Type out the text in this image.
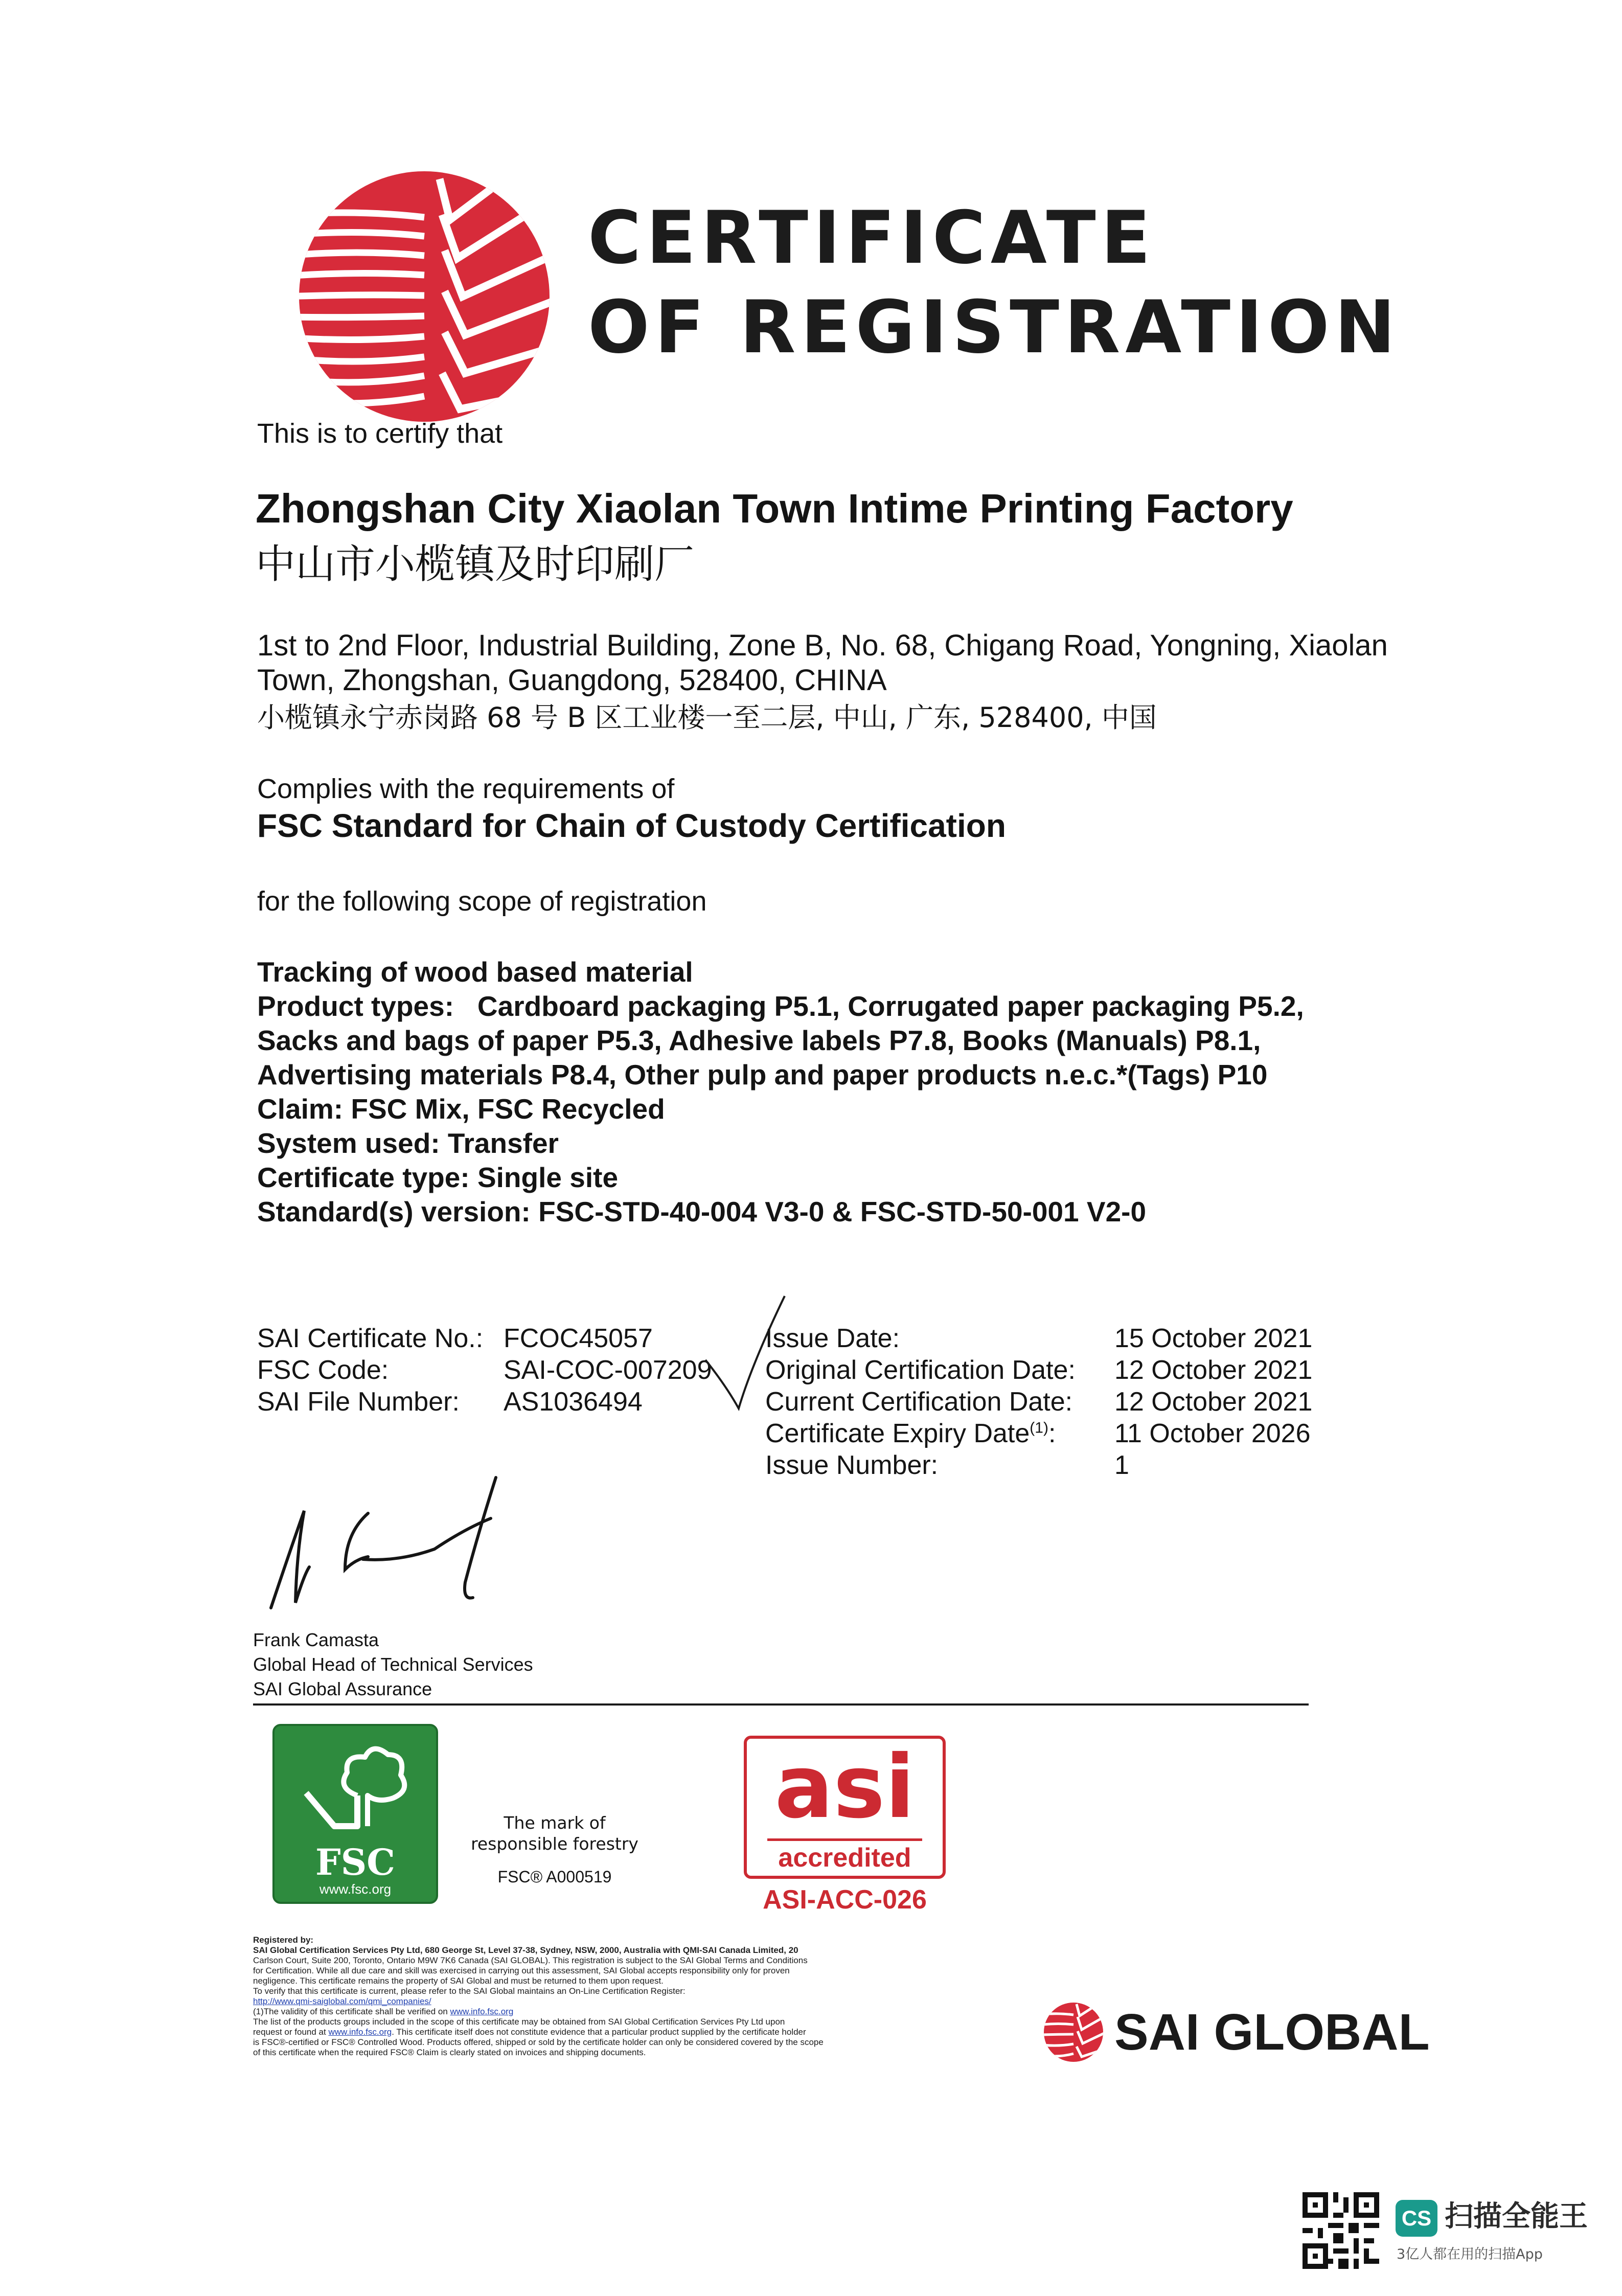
CERTIFICATE
OF REGISTRATION
This is to certify that
Zhongshan City Xiaolan Town Intime Printing Factory
中山市小榄镇及时印刷厂
1st to 2nd Floor, Industrial Building, Zone B, No. 68, Chigang Road, Yongning, Xiaolan
Town, Zhongshan, Guangdong, 528400, CHINA
小榄镇永宁赤岗路 68 号 B 区工业楼一至二层, 中山, 广东, 528400, 中国
Complies with the requirements of
FSC Standard for Chain of Custody Certification
for the following scope of registration
Tracking of wood based material
Product types:   Cardboard packaging P5.1, Corrugated paper packaging P5.2,
Sacks and bags of paper P5.3, Adhesive labels P7.8, Books (Manuals) P8.1,
Advertising materials P8.4, Other pulp and paper products n.e.c.*(Tags) P10
Claim: FSC Mix, FSC Recycled
System used: Transfer
Certificate type: Single site
Standard(s) version: FSC-STD-40-004 V3-0 & FSC-STD-50-001 V2-0
SAI Certificate No.: FCOC45057
FSC Code:	SAI-COC-007209
SAI File Number: AS1036494
Issue Date:	15 October 2021
Original Certification Date: 12 October 2021
Current Certification Date: 12 October 2021
Certificate Expiry Date$^{(1)}$: 11 October 2026
Issue Number:	1
Frank Camasta
Global Head of Technical Services
SAI Global Assurance
FSC
www.fsc.org
The mark of
responsible forestry
FSC® A000519
asi
accredited
ASI-ACC-026
Registered by:
SAI Global Certification Services Pty Ltd, 680 George St, Level 37-38, Sydney, NSW, 2000, Australia with QMI-SAI Canada Limited, 20
Carlson Court, Suite 200, Toronto, Ontario M9W 7K6 Canada (SAI GLOBAL). This registration is subject to the SAI Global Terms and Conditions
for Certification. While all due care and skill was exercised in carrying out this assessment, SAI Global accepts responsibility only for proven
negligence. This certificate remains the property of SAI Global and must be returned to them upon request.
To verify that this certificate is current, please refer to the SAI Global maintains an On-Line Certification Register:
http://www.qmi-saiglobal.com/qmi_companies/
(1)The validity of this certificate shall be verified on www.info.fsc.org
The list of the products groups included in the scope of this certificate may be obtained from SAI Global Certification Services Pty Ltd upon
request or found at www.info.fsc.org. This certificate itself does not constitute evidence that a particular product supplied by the certificate holder
is FSC®-certified or FSC® Controlled Wood. Products offered, shipped or sold by the certificate holder can only be considered covered by the scope
of this certificate when the required FSC® Claim is clearly stated on invoices and shipping documents.	SAI GLOBAL
CS 扫描全能王
3亿人都在用的扫描App
